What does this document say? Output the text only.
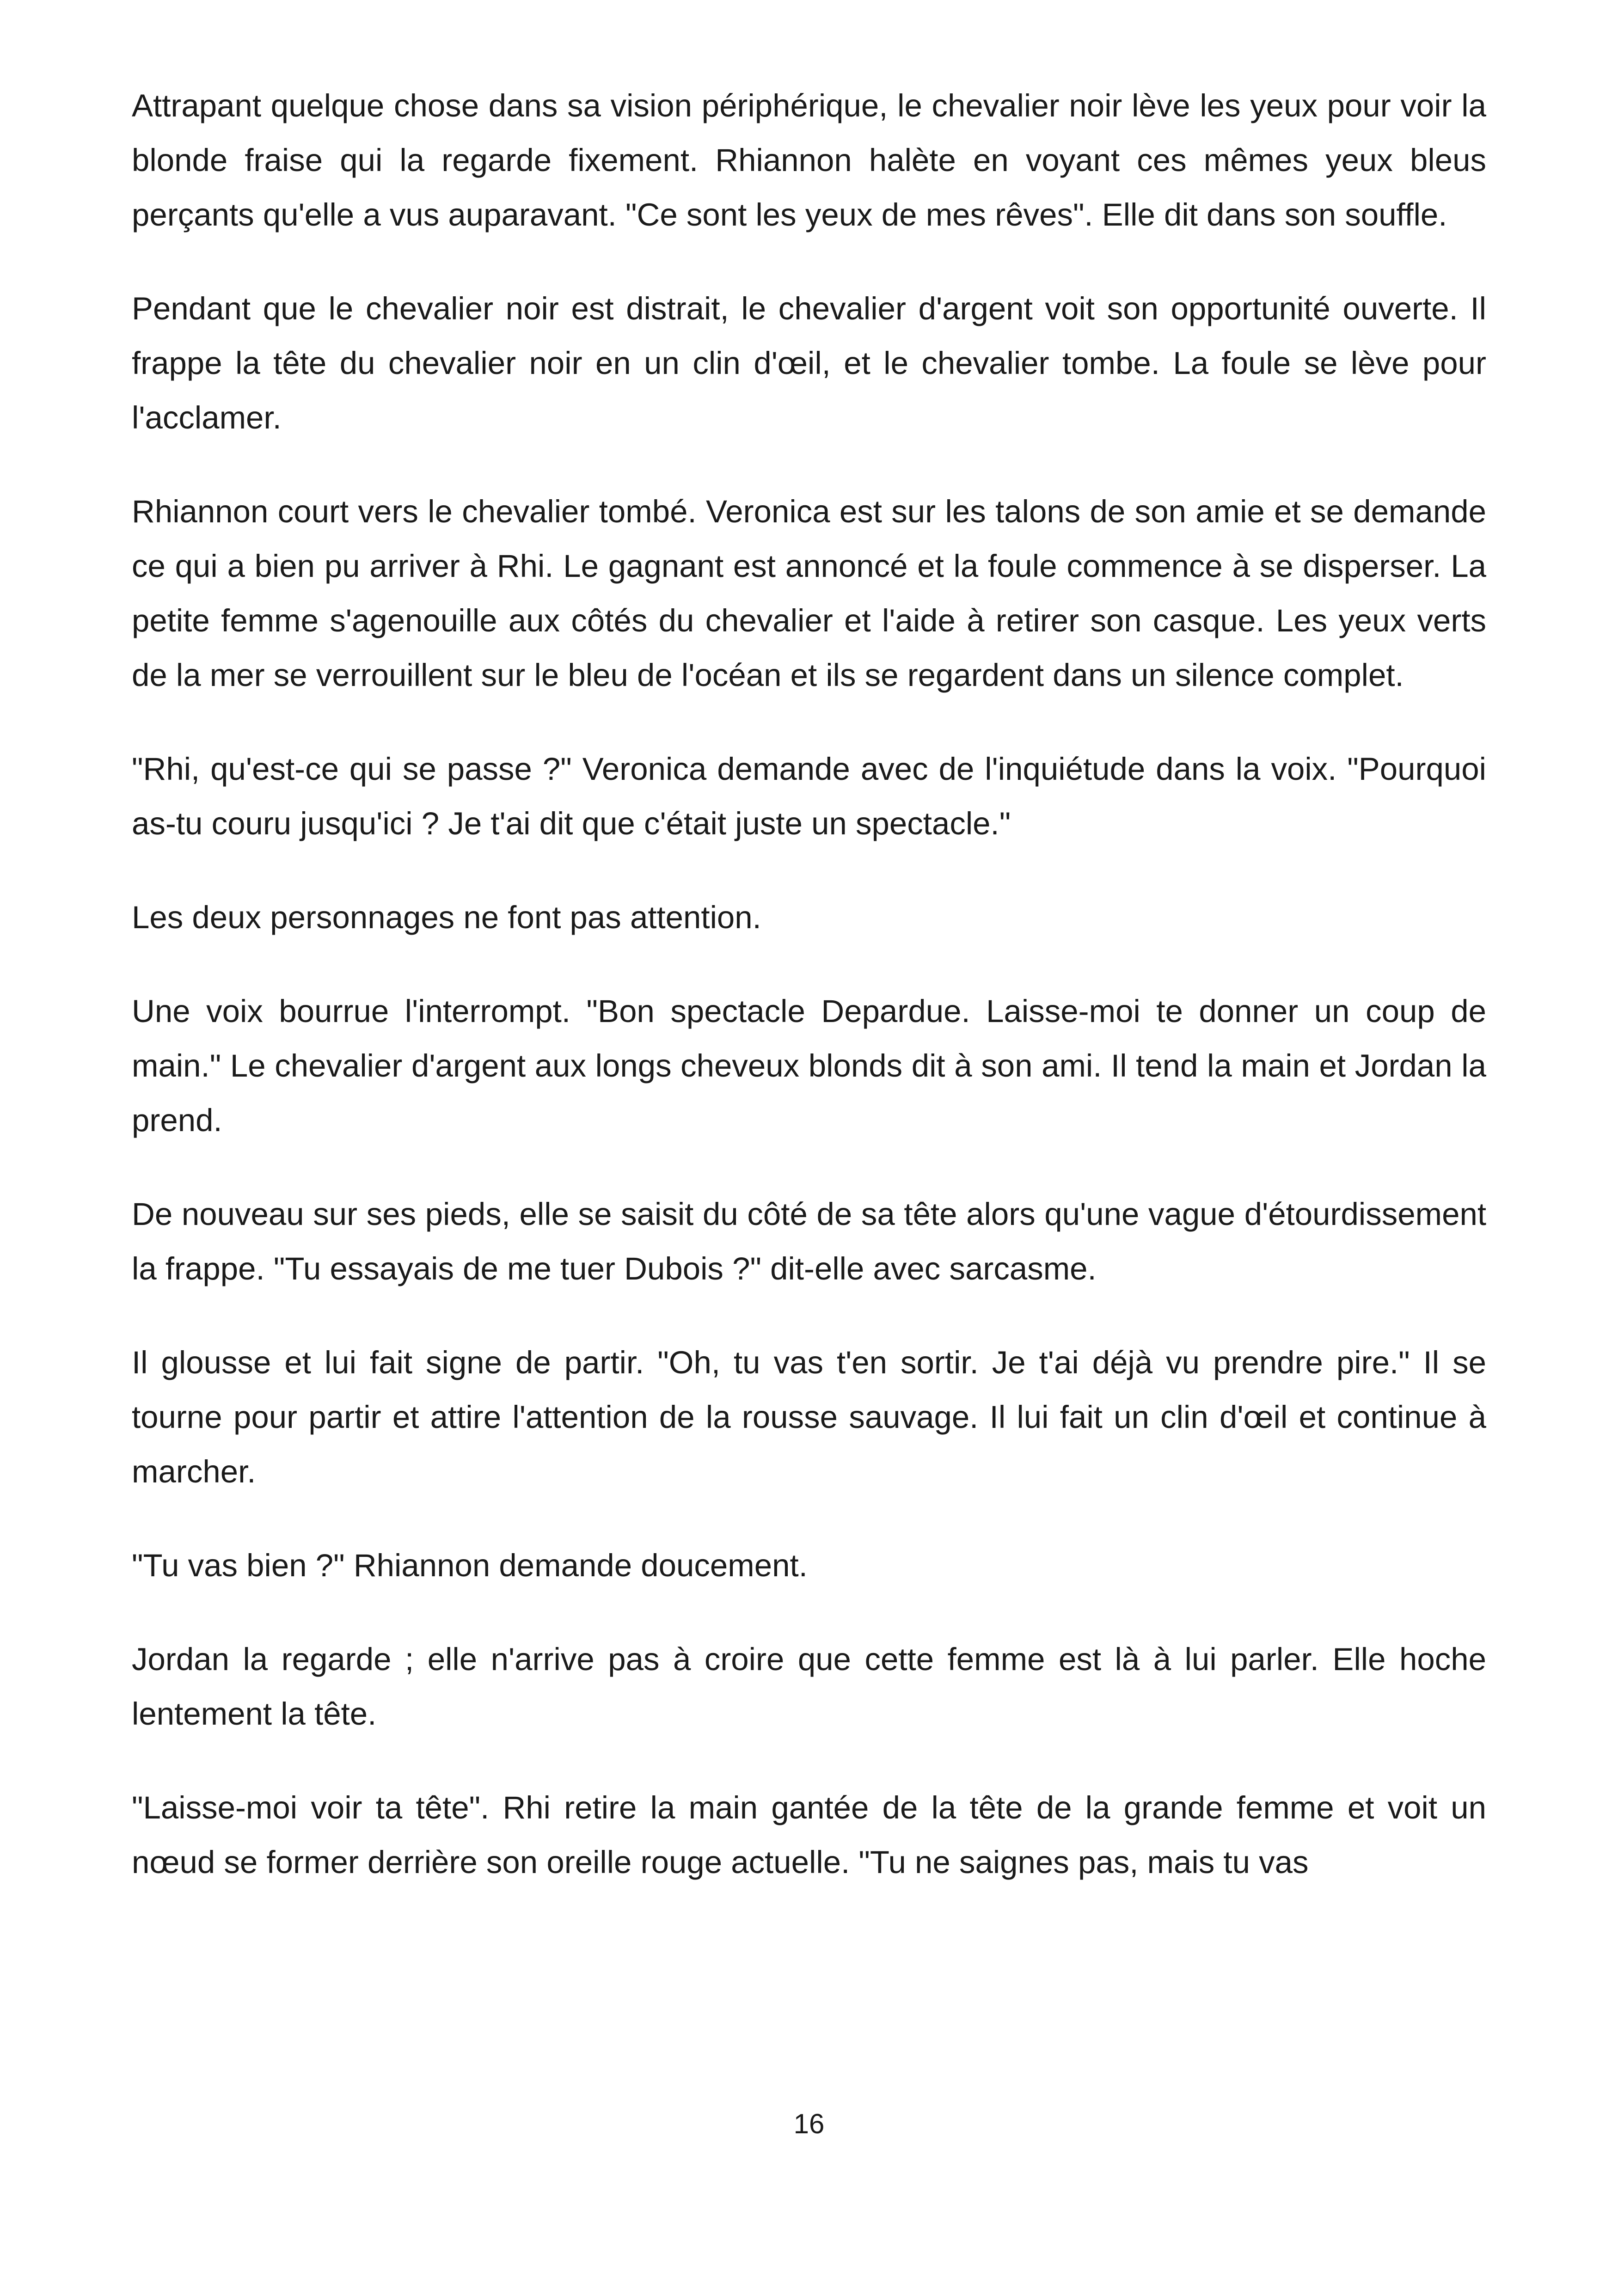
Attrapant quelque chose dans sa vision périphérique, le chevalier noir lève les yeux pour voir la blonde fraise qui la regarde fixement. Rhiannon halète en voyant ces mêmes yeux bleus perçants qu'elle a vus auparavant. "Ce sont les yeux de mes rêves". Elle dit dans son souffle.

Pendant que le chevalier noir est distrait, le chevalier d'argent voit son opportunité ouverte. Il frappe la tête du chevalier noir en un clin d'œil, et le chevalier tombe. La foule se lève pour l'acclamer.

Rhiannon court vers le chevalier tombé. Veronica est sur les talons de son amie et se demande ce qui a bien pu arriver à Rhi. Le gagnant est annoncé et la foule commence à se disperser. La petite femme s'agenouille aux côtés du chevalier et l'aide à retirer son casque. Les yeux verts de la mer se verrouillent sur le bleu de l'océan et ils se regardent dans un silence complet.

"Rhi, qu'est-ce qui se passe ?" Veronica demande avec de l'inquiétude dans la voix. "Pourquoi as-tu couru jusqu'ici ? Je t'ai dit que c'était juste un spectacle."

Les deux personnages ne font pas attention.

Une voix bourrue l'interrompt. "Bon spectacle Depardue. Laisse-moi te donner un coup de main." Le chevalier d'argent aux longs cheveux blonds dit à son ami. Il tend la main et Jordan la prend.

De nouveau sur ses pieds, elle se saisit du côté de sa tête alors qu'une vague d'étourdissement la frappe. "Tu essayais de me tuer Dubois ?" dit-elle avec sarcasme.

Il glousse et lui fait signe de partir. "Oh, tu vas t'en sortir. Je t'ai déjà vu prendre pire." Il se tourne pour partir et attire l'attention de la rousse sauvage. Il lui fait un clin d'œil et continue à marcher.

"Tu vas bien ?" Rhiannon demande doucement.

Jordan la regarde ; elle n'arrive pas à croire que cette femme est là à lui parler. Elle hoche lentement la tête.

"Laisse-moi voir ta tête". Rhi retire la main gantée de la tête de la grande femme et voit un nœud se former derrière son oreille rouge actuelle. "Tu ne saignes pas, mais tu vas

16
